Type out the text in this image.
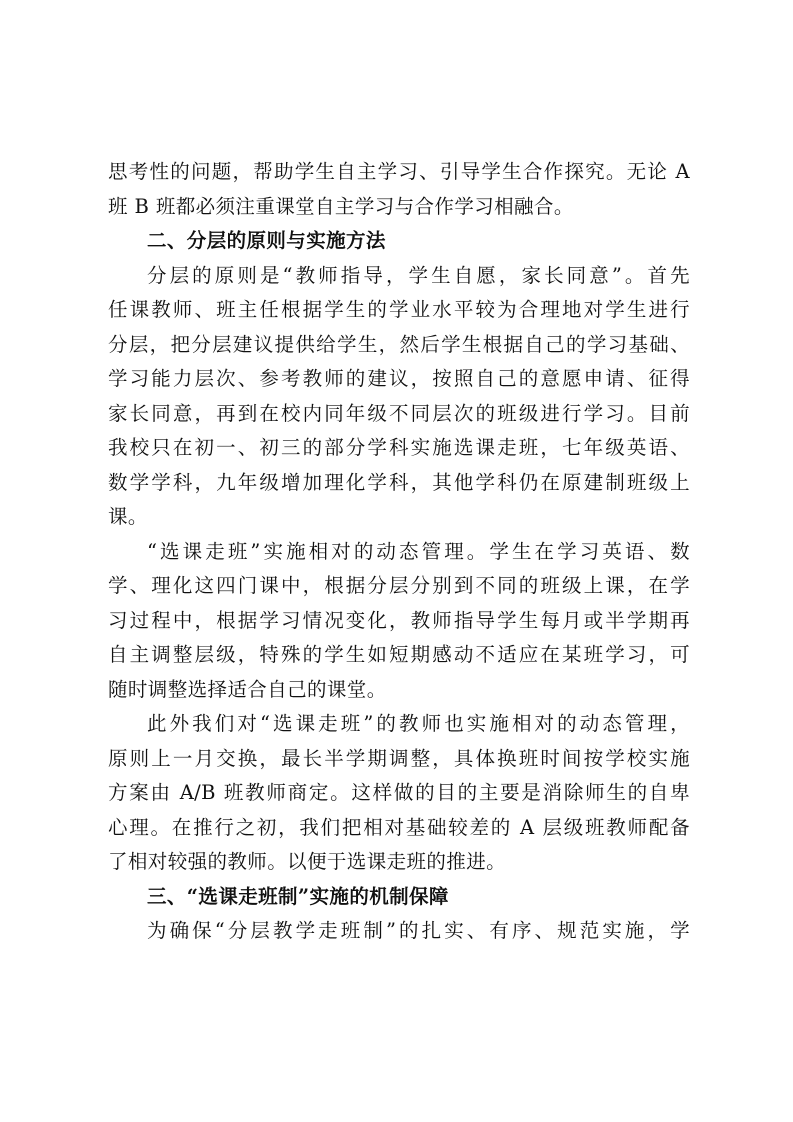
思考性的问题，帮助学生自主学习、引导学生合作探究。无论 A
班 B 班都必须注重课堂自主学习与合作学习相融合。
二、分层的原则与实施方法
分层的原则是“教师指导，学生自愿，家长同意”。首先
任课教师、班主任根据学生的学业水平较为合理地对学生进行
分层，把分层建议提供给学生，然后学生根据自己的学习基础、
学习能力层次、参考教师的建议，按照自己的意愿申请、征得
家长同意，再到在校内同年级不同层次的班级进行学习。目前
我校只在初一、初三的部分学科实施选课走班，七年级英语、
数学学科，九年级增加理化学科，其他学科仍在原建制班级上
课。
“选课走班”实施相对的动态管理。学生在学习英语、数
学、理化这四门课中，根据分层分别到不同的班级上课，在学
习过程中，根据学习情况变化，教师指导学生每月或半学期再
自主调整层级，特殊的学生如短期感动不适应在某班学习，可
随时调整选择适合自己的课堂。
此外我们对“选课走班”的教师也实施相对的动态管理，
原则上一月交换，最长半学期调整，具体换班时间按学校实施
方案由 A/B 班教师商定。这样做的目的主要是消除师生的自卑
心理。在推行之初，我们把相对基础较差的 A 层级班教师配备
了相对较强的教师。以便于选课走班的推进。
三、“选课走班制”实施的机制保障
为确保“分层教学走班制”的扎实、有序、规范实施，学
